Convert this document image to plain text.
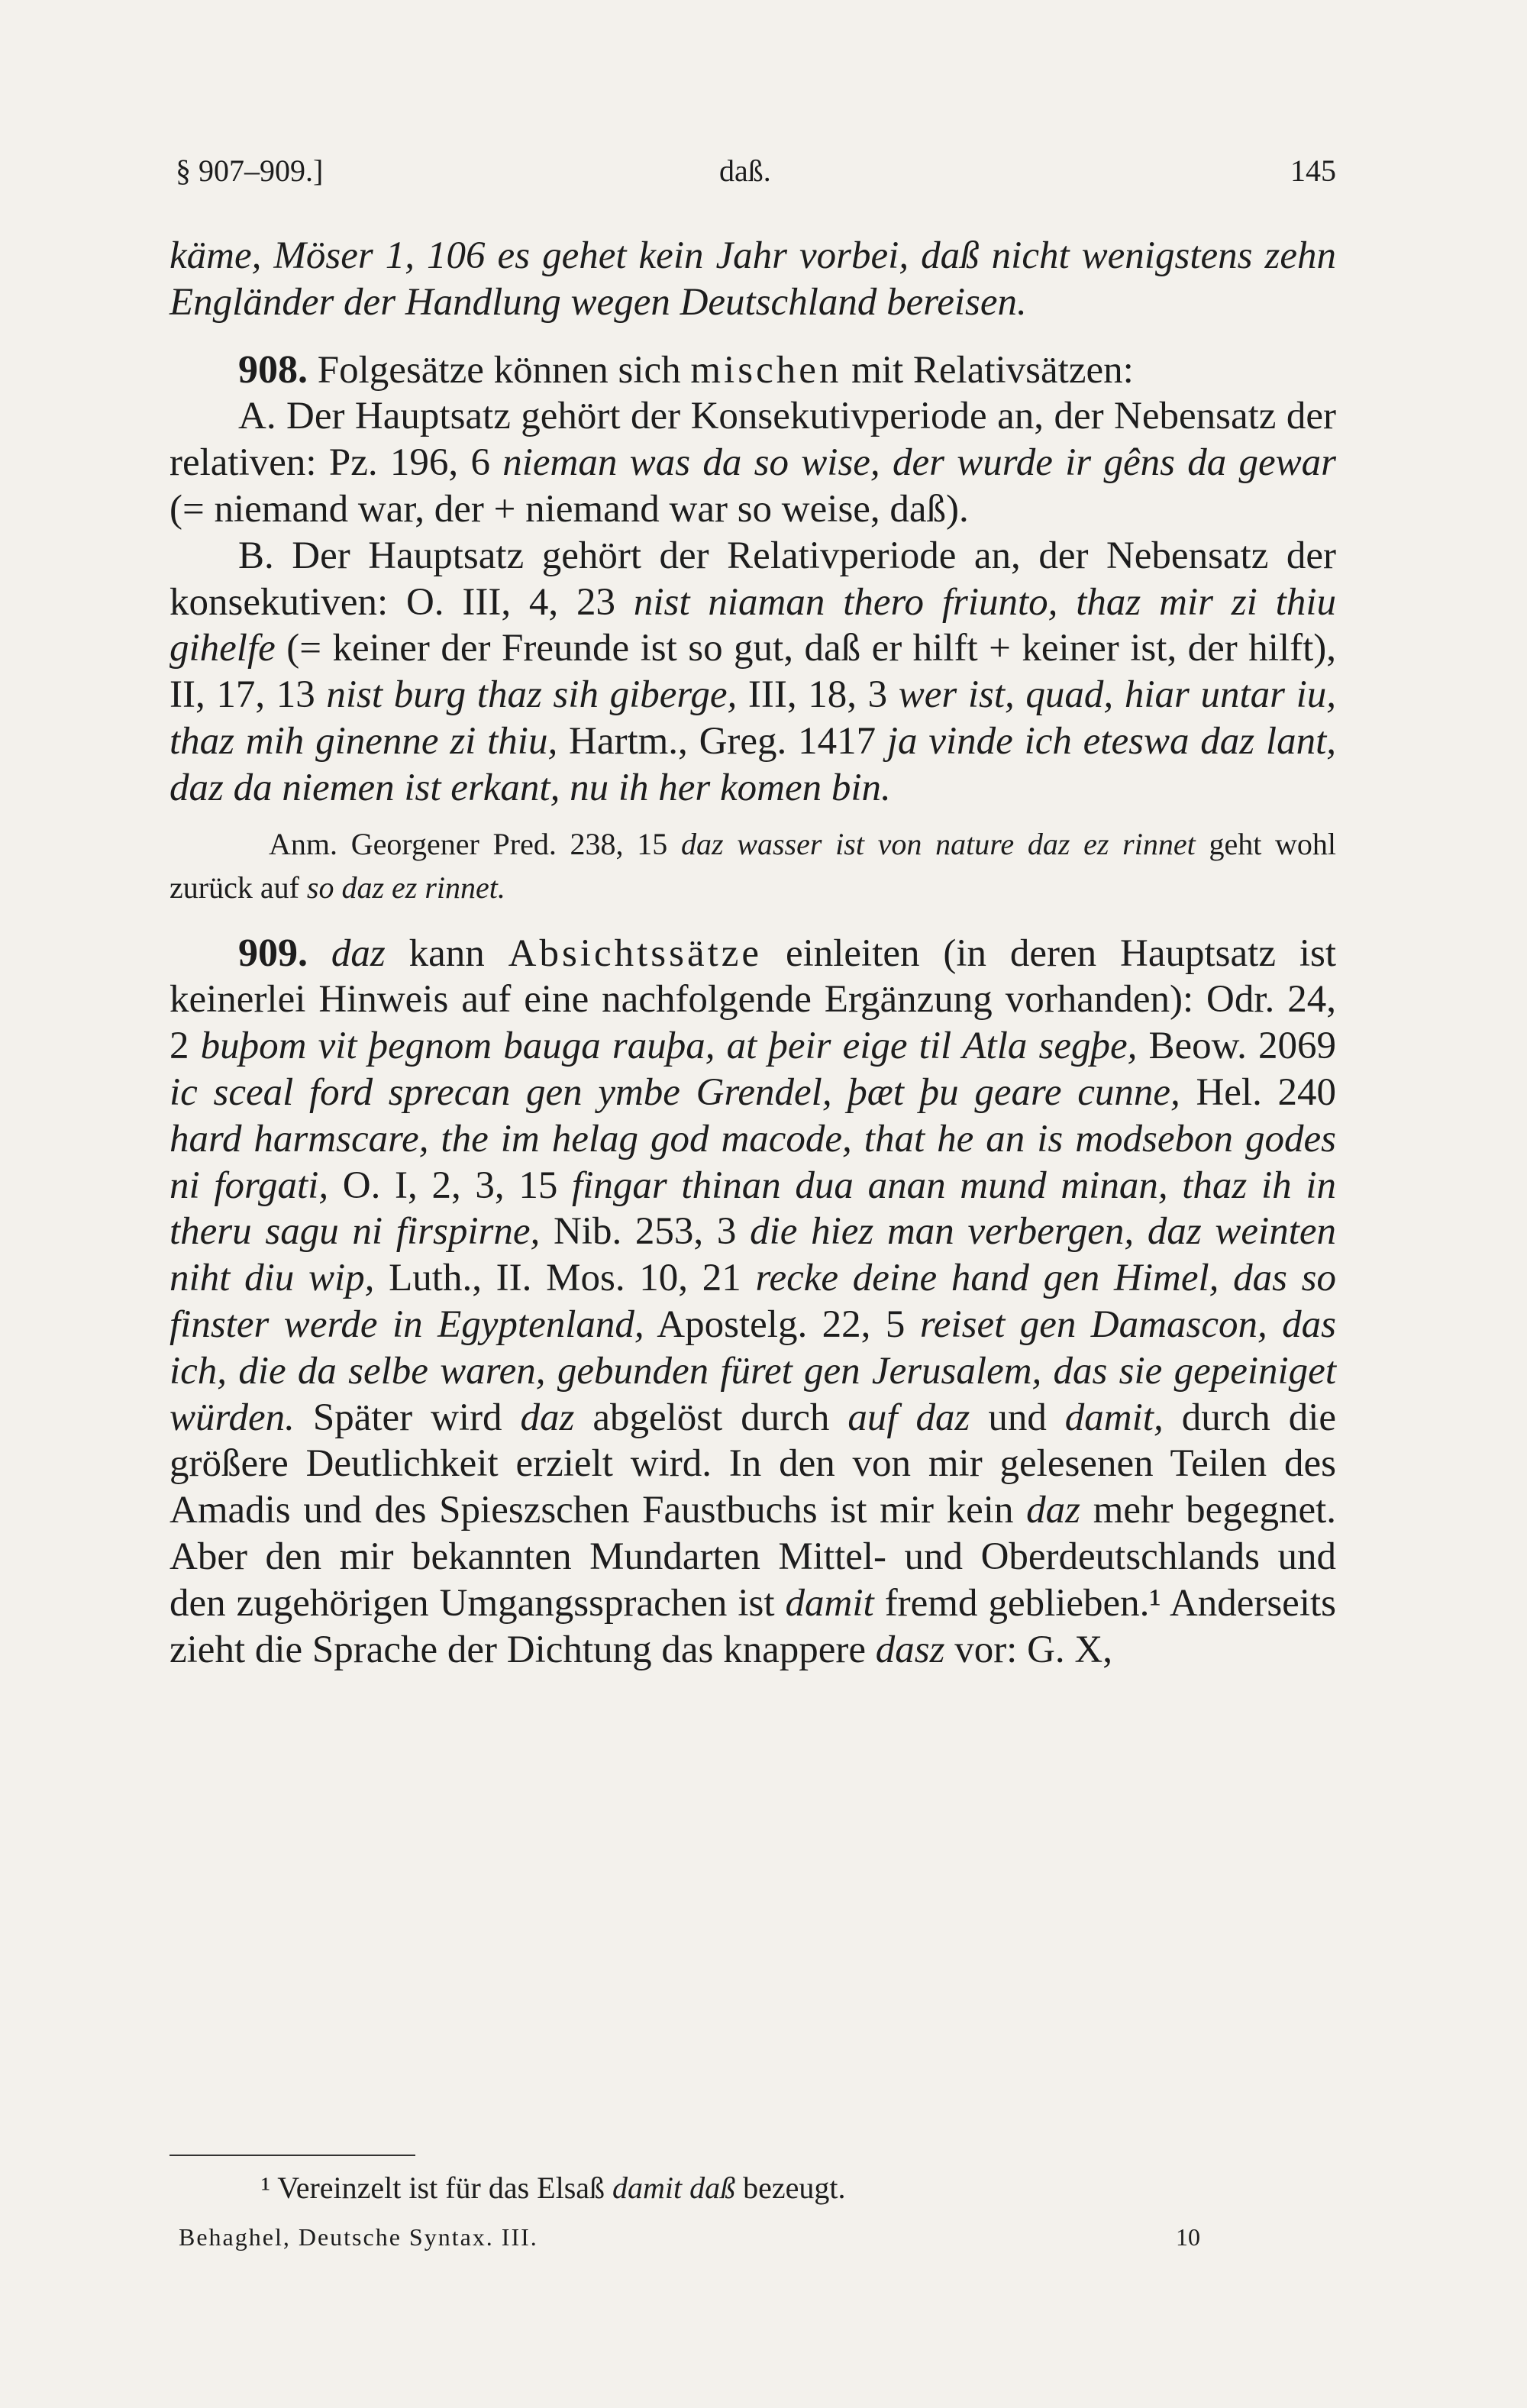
§ 907–909.]	daß.	145

käme, Möser 1, 106 es gehet kein Jahr vorbei, daß nicht wenigstens zehn Engländer der Handlung wegen Deutschland bereisen.

908. Folgesätze können sich mischen mit Relativsätzen:

A. Der Hauptsatz gehört der Konsekutivperiode an, der Nebensatz der relativen: Pz. 196, 6 nieman was da so wise, der wurde ir gêns da gewar (= niemand war, der + niemand war so weise, daß).

B. Der Hauptsatz gehört der Relativperiode an, der Nebensatz der konsekutiven: O. III, 4, 23 nist niaman thero friunto, thaz mir zi thiu gihelfe (= keiner der Freunde ist so gut, daß er hilft + keiner ist, der hilft), II, 17, 13 nist burg thaz sih giberge, III, 18, 3 wer ist, quad, hiar untar iu, thaz mih ginenne zi thiu, Hartm., Greg. 1417 ja vinde ich eteswa daz lant, daz da niemen ist erkant, nu ih her komen bin.

Anm. Georgener Pred. 238, 15 daz wasser ist von nature daz ez rinnet geht wohl zurück auf so daz ez rinnet.

909. daz kann Absichtssätze einleiten (in deren Hauptsatz ist keinerlei Hinweis auf eine nachfolgende Ergänzung vorhanden): Odr. 24, 2 buþom vit þegnom bauga rauþa, at þeir eige til Atla segþe, Beow. 2069 ic sceal ford sprecan gen ymbe Grendel, þæt þu geare cunne, Hel. 240 hard harmscare, the im helag god macode, that he an is modsebon godes ni forgati, O. I, 2, 3, 15 fingar thinan dua anan mund minan, thaz ih in theru sagu ni firspirne, Nib. 253, 3 die hiez man verbergen, daz weinten niht diu wip, Luth., II. Mos. 10, 21 recke deine hand gen Himel, das so finster werde in Egyptenland, Apostelg. 22, 5 reiset gen Damascon, das ich, die da selbe waren, gebunden füret gen Jerusalem, das sie gepeiniget würden. Später wird daz abgelöst durch auf daz und damit, durch die größere Deutlichkeit erzielt wird. In den von mir gelesenen Teilen des Amadis und des Spieszschen Faustbuchs ist mir kein daz mehr begegnet. Aber den mir bekannten Mundarten Mittel- und Oberdeutschlands und den zugehörigen Umgangssprachen ist damit fremd geblieben.¹ Anderseits zieht die Sprache der Dichtung das knappere dasz vor: G. X,

¹ Vereinzelt ist für das Elsaß damit daß bezeugt.
Behaghel, Deutsche Syntax. III.	10
